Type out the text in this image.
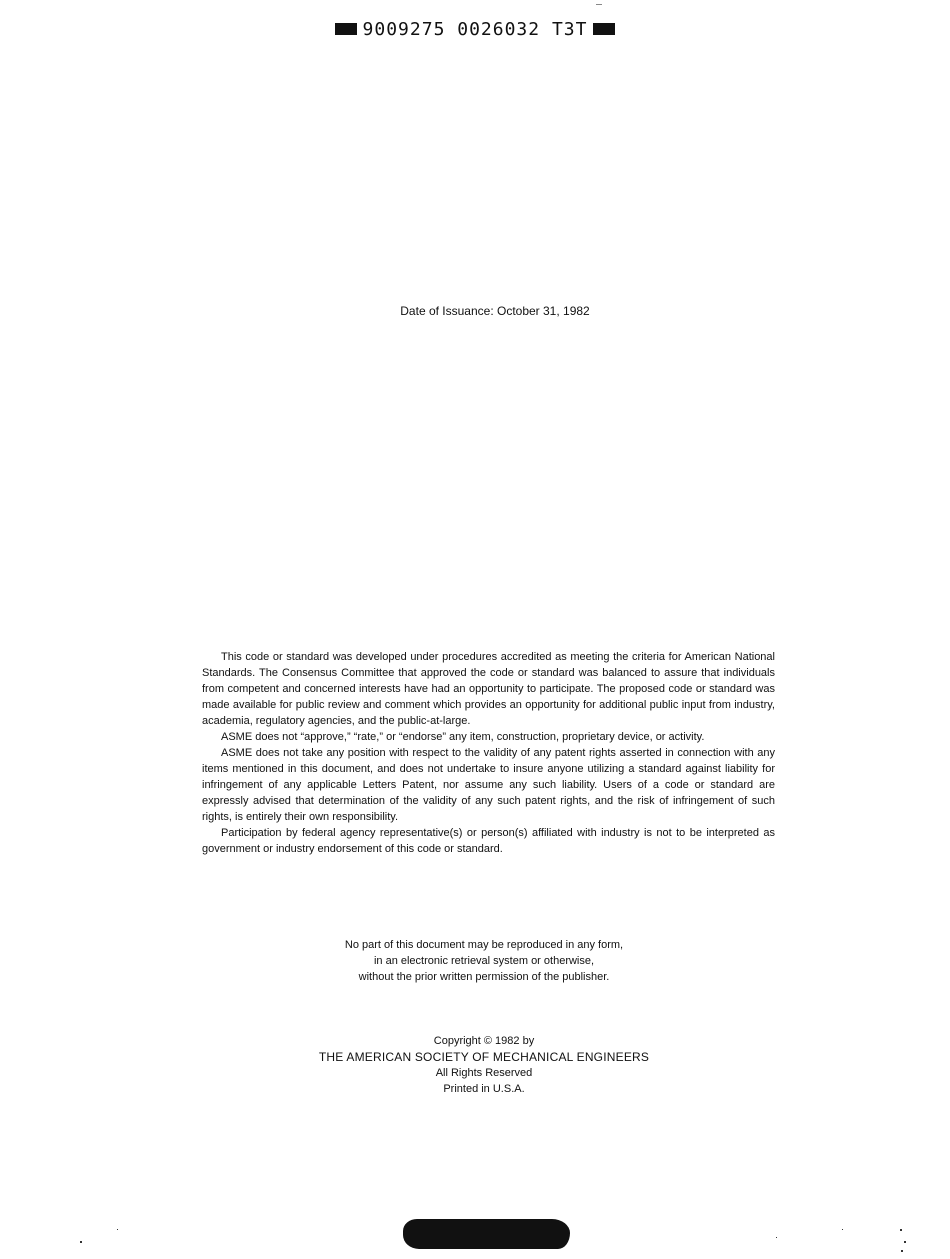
9009275 0026032 T3T
Date of Issuance: October 31, 1982

This code or standard was developed under procedures accredited as meeting the criteria for American National Standards. The Consensus Committee that approved the code or standard was balanced to assure that individuals from competent and concerned interests have had an opportunity to participate. The proposed code or standard was made available for public review and comment which provides an opportunity for additional public input from industry, academia, regulatory agencies, and the public-at-large.

ASME does not “approve,” “rate,” or “endorse” any item, construction, proprietary device, or activity.

ASME does not take any position with respect to the validity of any patent rights asserted in connection with any items mentioned in this document, and does not undertake to insure anyone utilizing a standard against liability for infringement of any applicable Letters Patent, nor assume any such liability. Users of a code or standard are expressly advised that determination of the validity of any such patent rights, and the risk of infringement of such rights, is entirely their own responsibility.

Participation by federal agency representative(s) or person(s) affiliated with industry is not to be interpreted as government or industry endorsement of this code or standard.

No part of this document may be reproduced in any form,
in an electronic retrieval system or otherwise,
without the prior written permission of the publisher.
Copyright © 1982 by
THE AMERICAN SOCIETY OF MECHANICAL ENGINEERS
All Rights Reserved
Printed in U.S.A.
